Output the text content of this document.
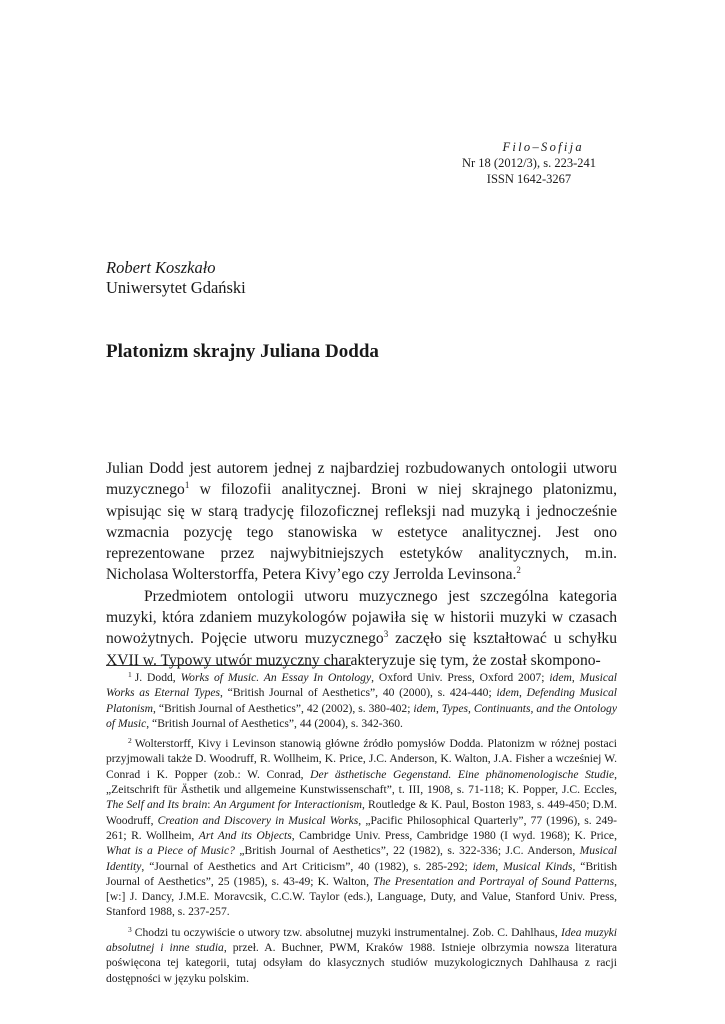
Filo–Sofija
Nr 18 (2012/3), s. 223-241
ISSN 1642-3267
Robert Koszkało
Uniwersytet Gdański
Platonizm skrajny Juliana Dodda

Julian Dodd jest autorem jednej z najbardziej rozbudowanych ontologii utworu muzycznego$^1$ w filozofii analitycznej. Broni w niej skrajnego platonizmu, wpisując się w starą tradycję filozoficznej refleksji nad muzyką i jednocześnie wzmacnia pozycję tego stanowiska w estetyce analitycznej. Jest ono reprezentowane przez najwybitniejszych estetyków analitycznych, m.in. Nicholasa Wolterstorffa, Petera Kivy’ego czy Jerrolda Levinsona.$^2$

Przedmiotem ontologii utworu muzycznego jest szczególna kategoria muzyki, która zdaniem muzykologów pojawiła się w historii muzyki w czasach nowożytnych. Pojęcie utworu muzycznego$^3$ zaczęło się kształtować u schyłku XVII w. Typowy utwór muzyczny charakteryzuje się tym, że został skompono-

$^1$ J. Dodd, Works of Music. An Essay In Ontology, Oxford Univ. Press, Oxford 2007; idem, Musical Works as Eternal Types, “British Journal of Aesthetics”, 40 (2000), s. 424-440; idem, Defending Musical Platonism, “British Journal of Aesthetics”, 42 (2002), s. 380-402; idem, Types, Continuants, and the Ontology of Music, “British Journal of Aesthetics”, 44 (2004), s. 342-360.

$^2$ Wolterstorff, Kivy i Levinson stanowią główne źródło pomysłów Dodda. Platonizm w różnej postaci przyjmowali także D. Woodruff, R. Wollheim, K. Price, J.C. Anderson, K. Walton, J.A. Fisher a wcześniej W. Conrad i K. Popper (zob.: W. Conrad, Der ästhetische Gegenstand. Eine phänomenologische Studie, „Zeitschrift für Ästhetik und allgemeine Kunstwissenschaft”, t. III, 1908, s. 71-118; K. Popper, J.C. Eccles, The Self and Its brain: An Argument for Interactionism, Routledge & K. Paul, Boston 1983, s. 449-450; D.M. Woodruff, Creation and Discovery in Musical Works, „Pacific Philosophical Quarterly”, 77 (1996), s. 249-261; R. Wollheim, Art And its Objects, Cambridge Univ. Press, Cambridge 1980 (I wyd. 1968); K. Price, What is a Piece of Music? „British Journal of Aesthetics”, 22 (1982), s. 322-336; J.C. Anderson, Musical Identity, “Journal of Aesthetics and Art Criticism”, 40 (1982), s. 285-292; idem, Musical Kinds, “British Journal of Aesthetics”, 25 (1985), s. 43-49; K. Walton, The Presentation and Portrayal of Sound Patterns, [w:] J. Dancy, J.M.E. Moravcsik, C.C.W. Taylor (eds.), Language, Duty, and Value, Stanford Univ. Press, Stanford 1988, s. 237-257.

$^3$ Chodzi tu oczywiście o utwory tzw. absolutnej muzyki instrumentalnej. Zob. C. Dahlhaus, Idea muzyki absolutnej i inne studia, przeł. A. Buchner, PWM, Kraków 1988. Istnieje olbrzymia nowsza literatura poświęcona tej kategorii, tutaj odsyłam do klasycznych studiów muzykologicznych Dahlhausa z racji dostępności w języku polskim.
